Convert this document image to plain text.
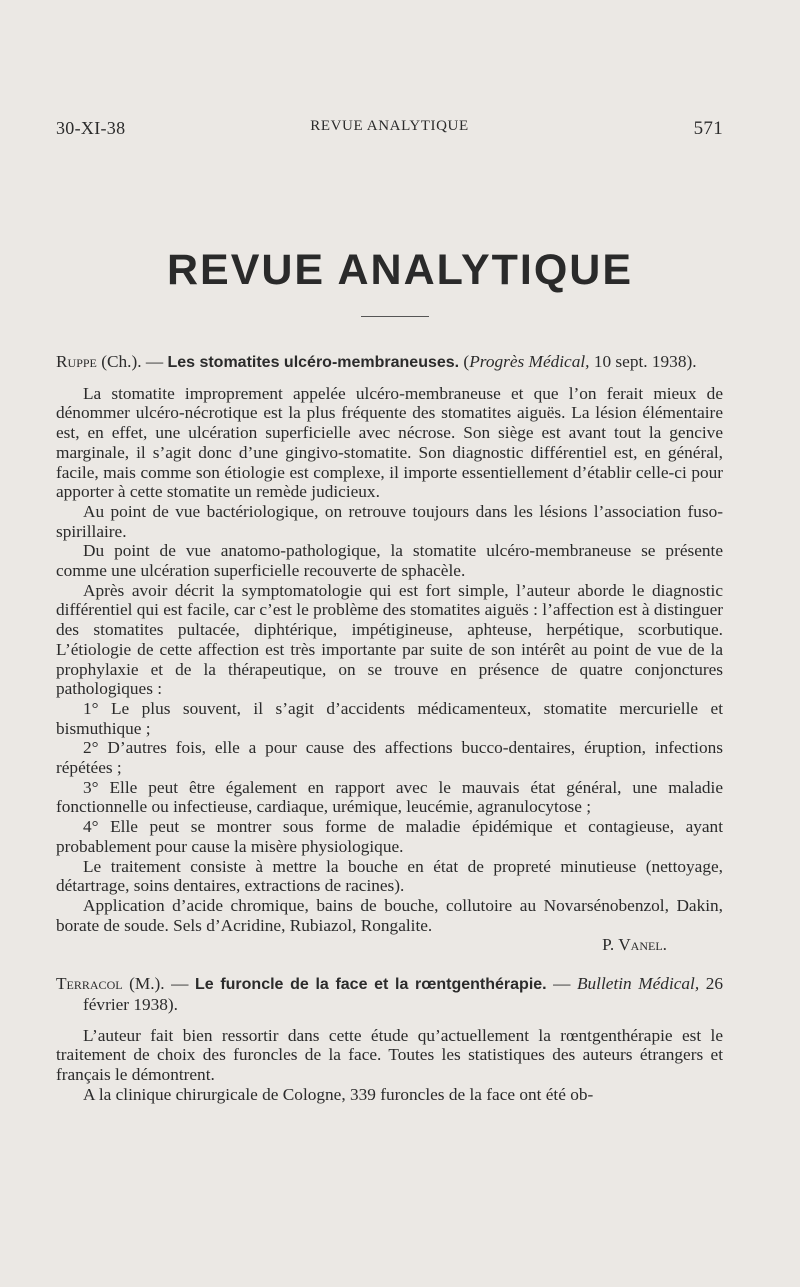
30-XI-38	REVUE ANALYTIQUE	571
REVUE ANALYTIQUE

Ruppe (Ch.). — Les stomatites ulcéro-membraneuses. (Progrès Médical, 10 sept. 1938).

La stomatite improprement appelée ulcéro-membraneuse et que l’on ferait mieux de dénommer ulcéro-nécrotique est la plus fréquente des stomatites aiguës. La lésion élémentaire est, en effet, une ulcération superficielle avec nécrose. Son siège est avant tout la gencive marginale, il s’agit donc d’une gingivo-stomatite. Son diagnostic différentiel est, en général, facile, mais comme son étiologie est complexe, il importe essentiellement d’établir celle-ci pour apporter à cette stomatite un remède judicieux.

Au point de vue bactériologique, on retrouve toujours dans les lésions l’association fuso-spirillaire.

Du point de vue anatomo-pathologique, la stomatite ulcéro-membraneuse se présente comme une ulcération superficielle recouverte de sphacèle.

Après avoir décrit la symptomatologie qui est fort simple, l’auteur aborde le diagnostic différentiel qui est facile, car c’est le problème des stomatites aiguës : l’affection est à distinguer des stomatites pultacée, diphtérique, impétigineuse, aphteuse, herpétique, scorbutique. L’étiologie de cette affection est très importante par suite de son intérêt au point de vue de la prophylaxie et de la thérapeutique, on se trouve en présence de quatre conjonctures pathologiques :

1° Le plus souvent, il s’agit d’accidents médicamenteux, stomatite mercurielle et bismuthique ;

2° D’autres fois, elle a pour cause des affections bucco-dentaires, éruption, infections répétées ;

3° Elle peut être également en rapport avec le mauvais état général, une maladie fonctionnelle ou infectieuse, cardiaque, urémique, leucémie, agranulocytose ;

4° Elle peut se montrer sous forme de maladie épidémique et contagieuse, ayant probablement pour cause la misère physiologique.

Le traitement consiste à mettre la bouche en état de propreté minutieuse (nettoyage, détartrage, soins dentaires, extractions de racines).

Application d’acide chromique, bains de bouche, collutoire au Novarsénobenzol, Dakin, borate de soude. Sels d’Acridine, Rubiazol, Rongalite.

P. Vanel.

Terracol (M.). — Le furoncle de la face et la rœntgenthérapie. — Bulletin Médical, 26 février 1938).

L’auteur fait bien ressortir dans cette étude qu’actuellement la rœntgenthérapie est le traitement de choix des furoncles de la face. Toutes les statistiques des auteurs étrangers et français le démontrent.

A la clinique chirurgicale de Cologne, 339 furoncles de la face ont été ob-
